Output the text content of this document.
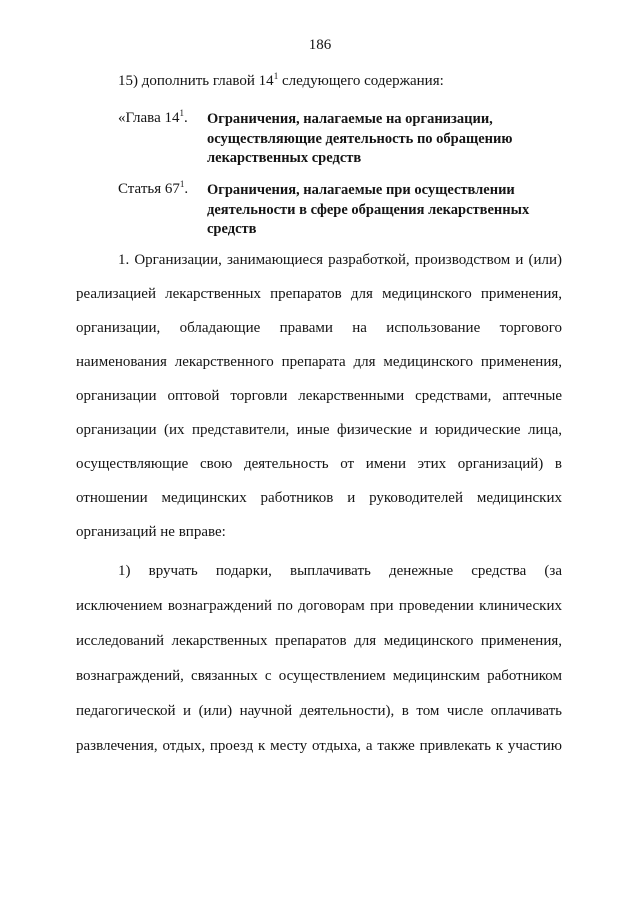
186
15) дополнить главой $14^1$ следующего содержания:
«Глава $14^1$. Ограничения, налагаемые на организации,
осуществляющие деятельность по обращению
лекарственных средств
Статья $67^1$. Ограничения, налагаемые при осуществлении
деятельности в сфере обращения лекарственных
средств
1. Организации, занимающиеся разработкой, производством и (или)
реализацией лекарственных препаратов для медицинского применения,
организации, обладающие правами на использование торгового
наименования лекарственного препарата для медицинского применения,
организации оптовой торговли лекарственными средствами, аптечные
организации (их представители, иные физические и юридические лица,
осуществляющие свою деятельность от имени этих организаций) в
отношении медицинских работников и руководителей медицинских
организаций не вправе:
1) вручать подарки, выплачивать денежные средства (за
исключением вознаграждений по договорам при проведении клинических
исследований лекарственных препаратов для медицинского применения,
вознаграждений, связанных с осуществлением медицинским работником
педагогической и (или) научной деятельности), в том числе оплачивать
развлечения, отдых, проезд к месту отдыха, а также привлекать к участию
